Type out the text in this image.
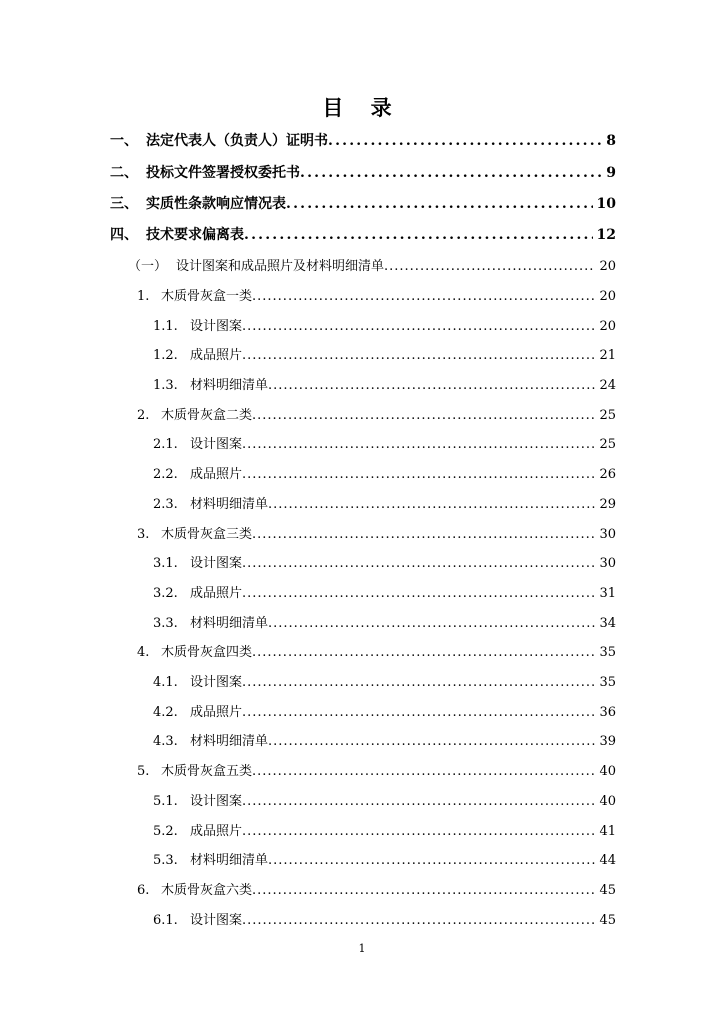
目 录
一、 法定代表人（负责人）证明书 .....	8
二、 投标文件签署授权委托书 .....	9
三、 实质性条款响应情况表 .....	10
四、 技术要求偏离表 .....	12
（一） 设计图案和成品照片及材料明细清单 .....	20
1. 木质骨灰盒一类 .....	20
1.1. 设计图案 .....	20
1.2. 成品照片 .....	21
1.3. 材料明细清单 .....	24
2. 木质骨灰盒二类 .....	25
2.1. 设计图案 .....	25
2.2. 成品照片 .....	26
2.3. 材料明细清单 .....	29
3. 木质骨灰盒三类 .....	30
3.1. 设计图案 .....	30
3.2. 成品照片 .....	31
3.3. 材料明细清单 .....	34
4. 木质骨灰盒四类 .....	35
4.1. 设计图案 .....	35
4.2. 成品照片 .....	36
4.3. 材料明细清单 .....	39
5. 木质骨灰盒五类 .....	40
5.1. 设计图案 .....	40
5.2. 成品照片 .....	41
5.3. 材料明细清单 .....	44
6. 木质骨灰盒六类 .....	45
6.1. 设计图案 .....	45
1
